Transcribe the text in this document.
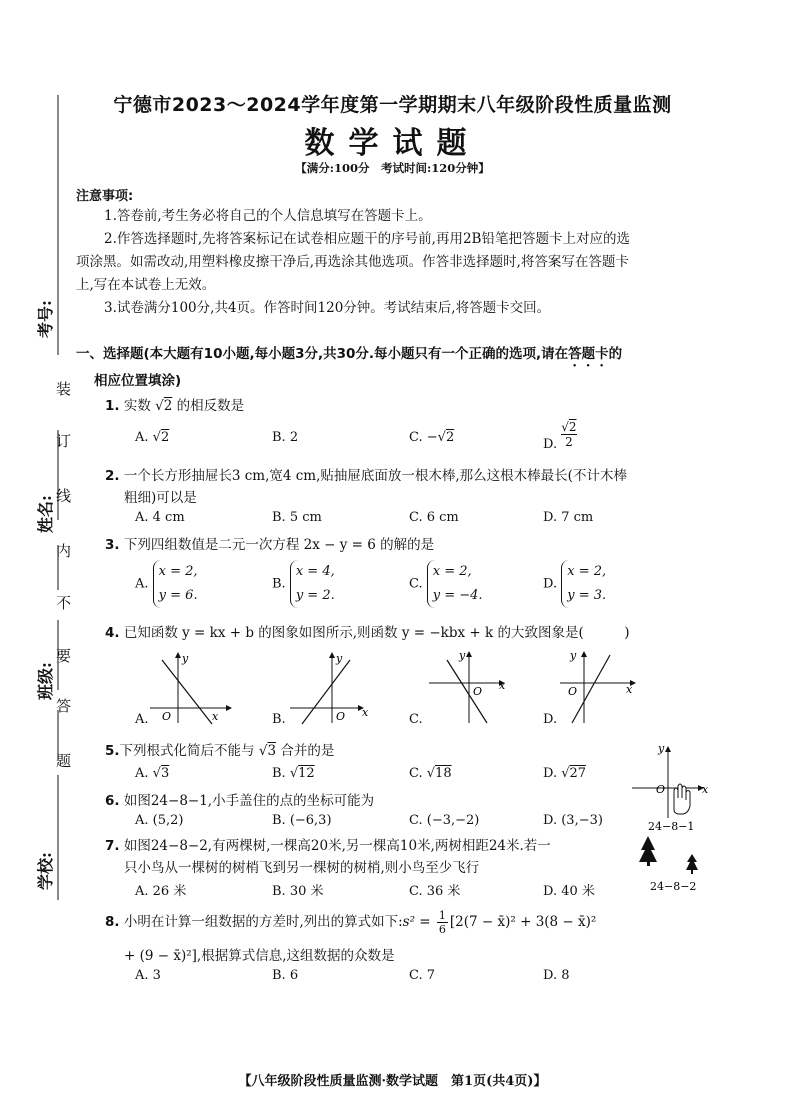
宁德市2023～2024学年度第一学期期末八年级阶段性质量监测
数学试题
【满分:100分　考试时间:120分钟】
考号:
姓名:
班级:
学校:
装
订
线
内
不
要
答
题
注意事项:
1.答卷前,考生务必将自己的个人信息填写在答题卡上。
2.作答选择题时,先将答案标记在试卷相应题干的序号前,再用2B铅笔把答题卡上对应的选
项涂黑。如需改动,用塑料橡皮擦干净后,再选涂其他选项。作答非选择题时,将答案写在答题卡
上,写在本试卷上无效。
3.试卷满分100分,共4页。作答时间120分钟。考试结束后,将答题卡交回。
一、选择题(本大题有10小题,每小题3分,共30分.每小题只有一个正确的选项,请在答题卡的
相应位置填涂)
1. 实数 √2 的相反数是
A. √2	B. 2	C. −√2	D. $\frac{√2}{2}$
2. 一个长方形抽屉长3 cm,宽4 cm,贴抽屉底面放一根木棒,那么这根木棒最长(不计木棒
粗细)可以是
A. 4 cm	B. 5 cm	C. 6 cm	D. 7 cm
3. 下列四组数值是二元一次方程 2x − y = 6 的解的是
A. x = 2,
y = 6.
B. x = 4,
y = 2.
C. x = 2,
y = −4.
D. x = 2,
y = 3.
4. 已知函数 y = kx + b 的图象如图所示,则函数 y = −kbx + k 的大致图象是(　　　)
A.	B.	C.	D.
O	x
y
O x
y
O x
y
O	x
y
5.下列根式化简后不能与 √3 合并的是
A. √3	B. √12	C. √18	D. √27
6. 如图24−8−1,小手盖住的点的坐标可能为
A. (5,2)	B. (−6,3)	C. (−3,−2)	D. (3,−3)
O	x
y
24−8−1
7. 如图24−8−2,有两棵树,一棵高20米,另一棵高10米,两树相距24米.若一
只小鸟从一棵树的树梢飞到另一棵树的树梢,则小鸟至少飞行
A. 26 米	B. 30 米	C. 36 米	D. 40 米	24−8−2
8. 小明在计算一组数据的方差时,列出的算式如下:s² = $\frac{1}{6} [2(7$ − x̄)² + 3(8 − x̄)²
+ (9 − x̄)²],根据算式信息,这组数据的众数是
A. 3	B. 6	C. 7	D. 8
【八年级阶段性质量监测·数学试题　第1页(共4页)】
